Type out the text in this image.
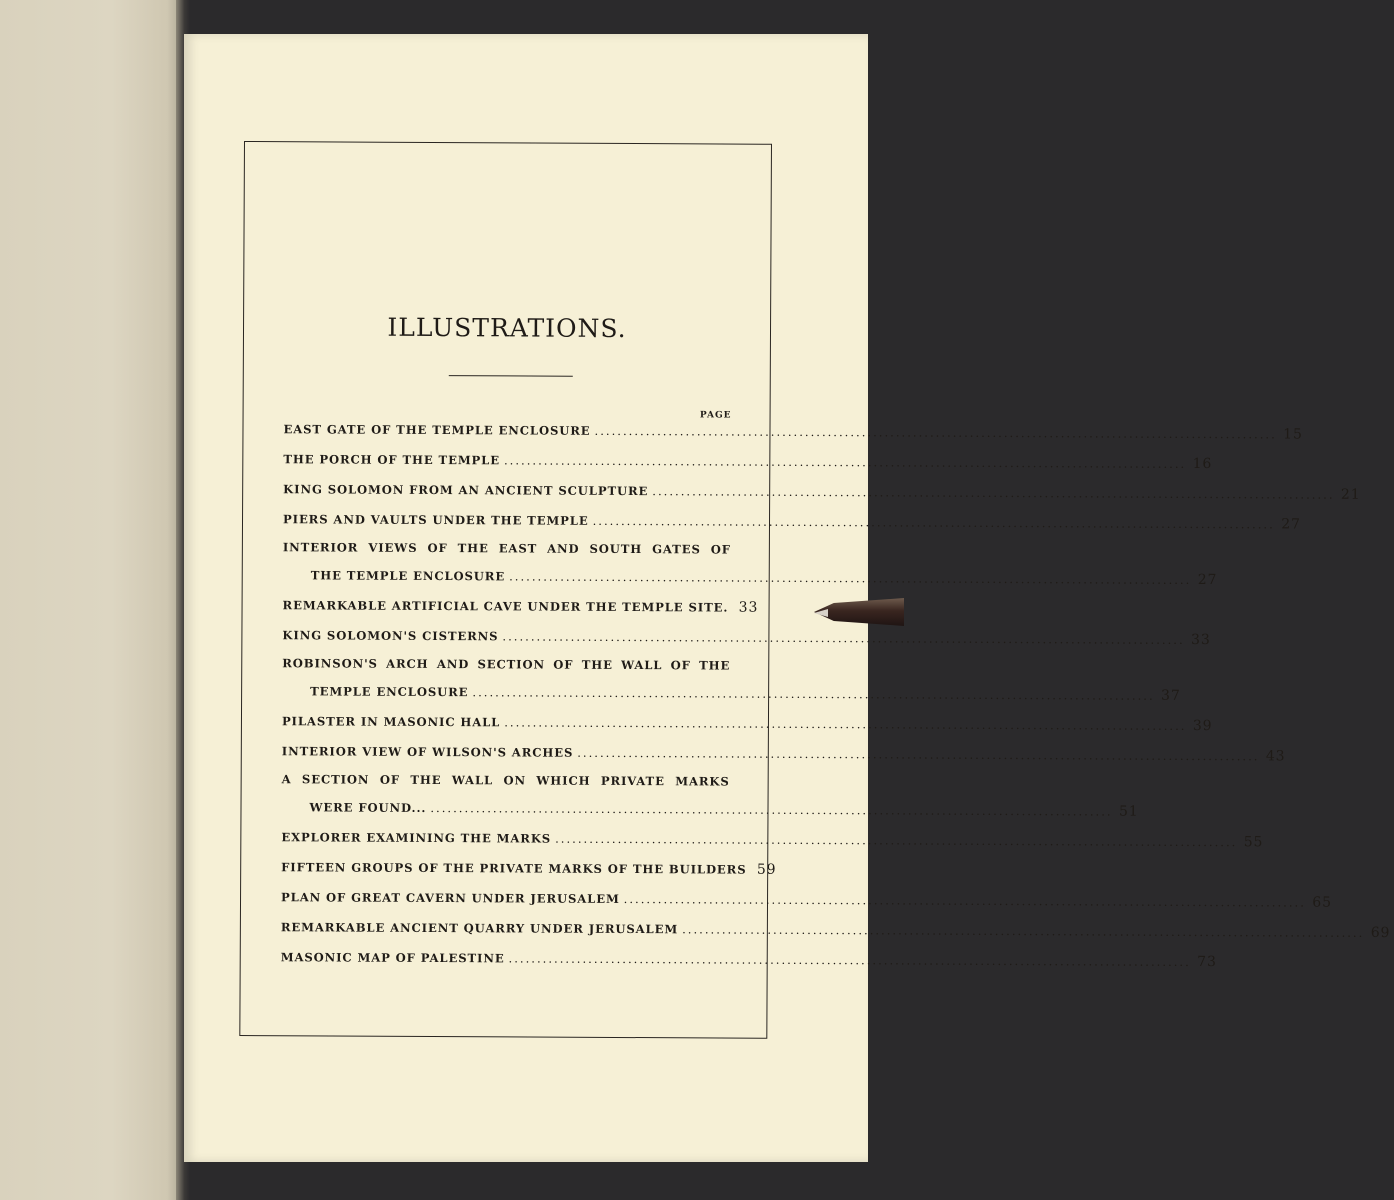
ILLUSTRATIONS.
PAGE
EAST GATE OF THE TEMPLE ENCLOSURE ........................................................................................................................ 15
THE PORCH OF THE TEMPLE ........................................................................................................................ 16
KING SOLOMON FROM AN ANCIENT SCULPTURE ........................................................................................................................ 21
PIERS AND VAULTS UNDER THE TEMPLE ........................................................................................................................ 27
INTERIOR VIEWS OF THE EAST AND SOUTH GATES OF
THE TEMPLE ENCLOSURE ........................................................................................................................ 27
REMARKABLE ARTIFICIAL CAVE UNDER THE TEMPLE SITE. 33
KING SOLOMON'S CISTERNS ........................................................................................................................ 33
ROBINSON'S ARCH AND SECTION OF THE WALL OF THE
TEMPLE ENCLOSURE ........................................................................................................................ 37
PILASTER IN MASONIC HALL ........................................................................................................................ 39
INTERIOR VIEW OF WILSON'S ARCHES ........................................................................................................................ 43
A SECTION OF THE WALL ON WHICH PRIVATE MARKS
WERE FOUND... ........................................................................................................................ 51
EXPLORER EXAMINING THE MARKS ........................................................................................................................ 55
FIFTEEN GROUPS OF THE PRIVATE MARKS OF THE BUILDERS 59
PLAN OF GREAT CAVERN UNDER JERUSALEM ........................................................................................................................ 65
REMARKABLE ANCIENT QUARRY UNDER JERUSALEM ........................................................................................................................ 69
MASONIC MAP OF PALESTINE ........................................................................................................................ 73
